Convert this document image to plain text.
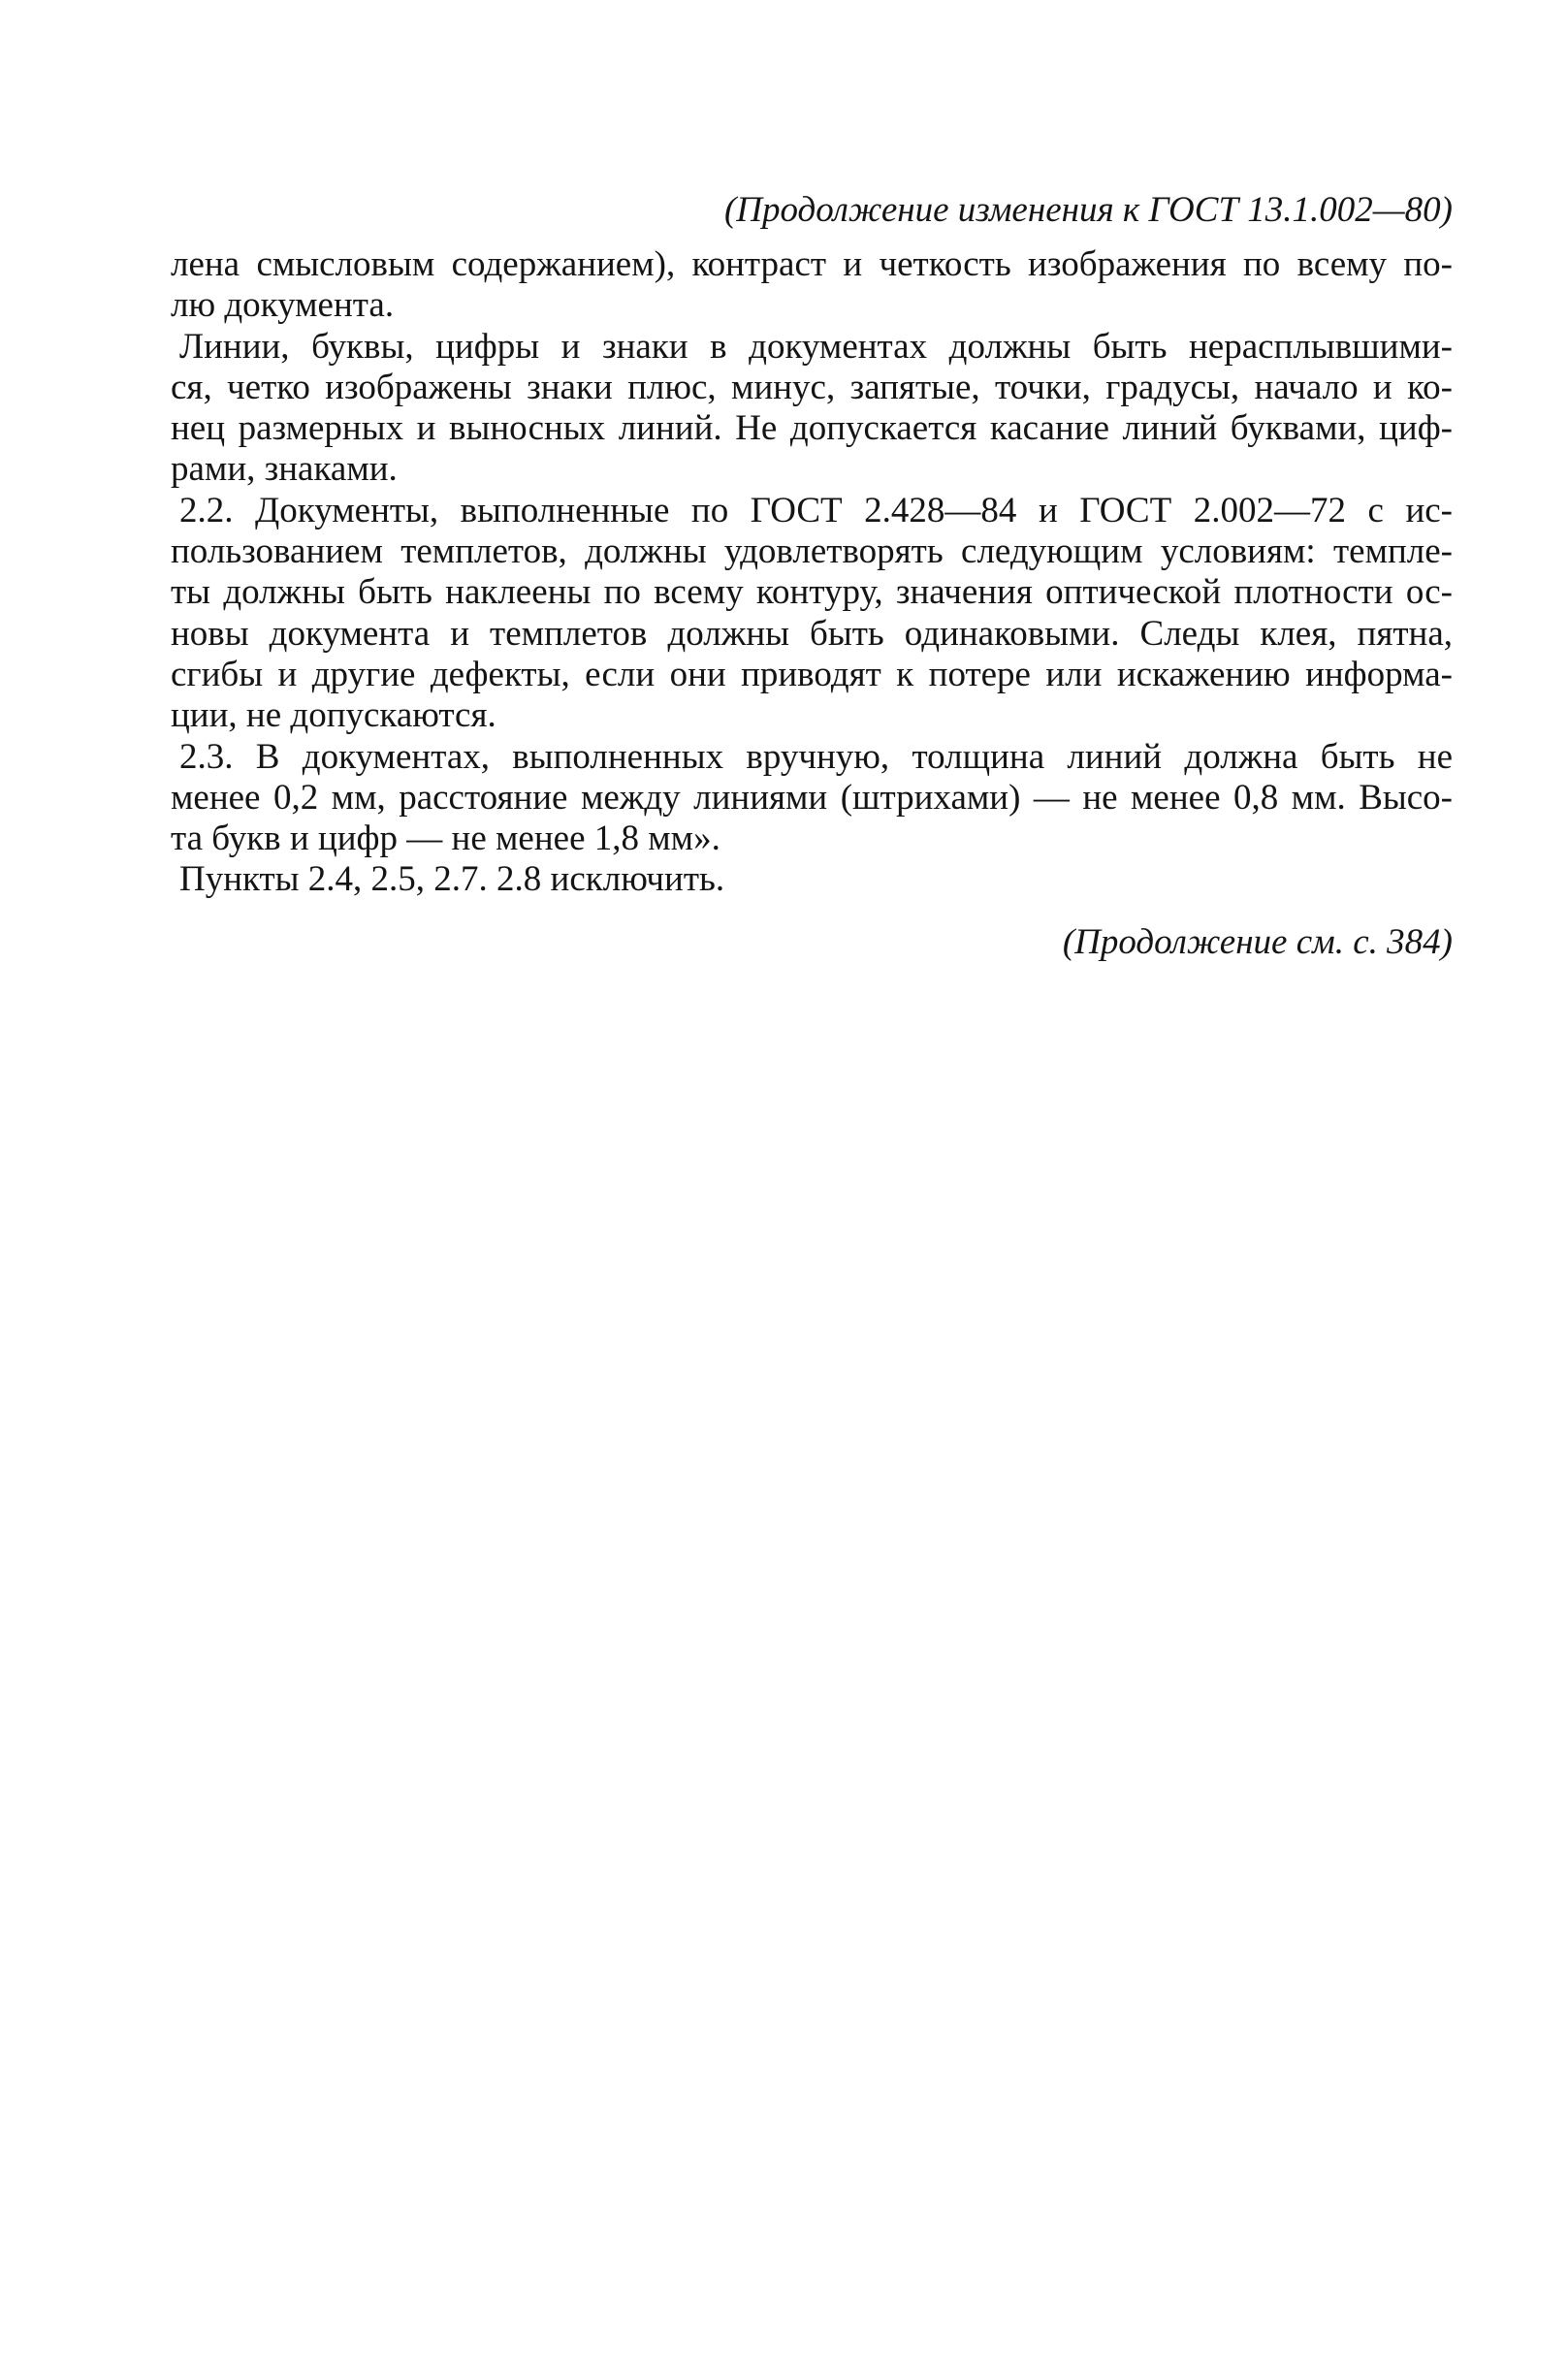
(Продолжение изменения к ГОСТ 13.1.002—80)
лена смысловым содержанием), контраст и четкость изображения по всему по-
лю документа.
Линии, буквы, цифры и знаки в документах должны быть нерасплывшими-
ся, четко изображены знаки плюс, минус, запятые, точки, градусы, начало и ко-
нец размерных и выносных линий. Не допускается касание линий буквами, циф-
рами, знаками.
2.2. Документы, выполненные по ГОСТ 2.428—84 и ГОСТ 2.002—72 с ис-
пользованием темплетов, должны удовлетворять следующим условиям: темпле-
ты должны быть наклеены по всему контуру, значения оптической плотности ос-
новы документа и темплетов должны быть одинаковыми. Следы клея, пятна,
сгибы и другие дефекты, если они приводят к потере или искажению информа-
ции, не допускаются.
2.3. В документах, выполненных вручную, толщина линий должна быть не
менее 0,2 мм, расстояние между линиями (штрихами) — не менее 0,8 мм. Высо-
та букв и цифр — не менее 1,8 мм».
Пункты 2.4, 2.5, 2.7. 2.8 исключить.
(Продолжение см. с. 384)
